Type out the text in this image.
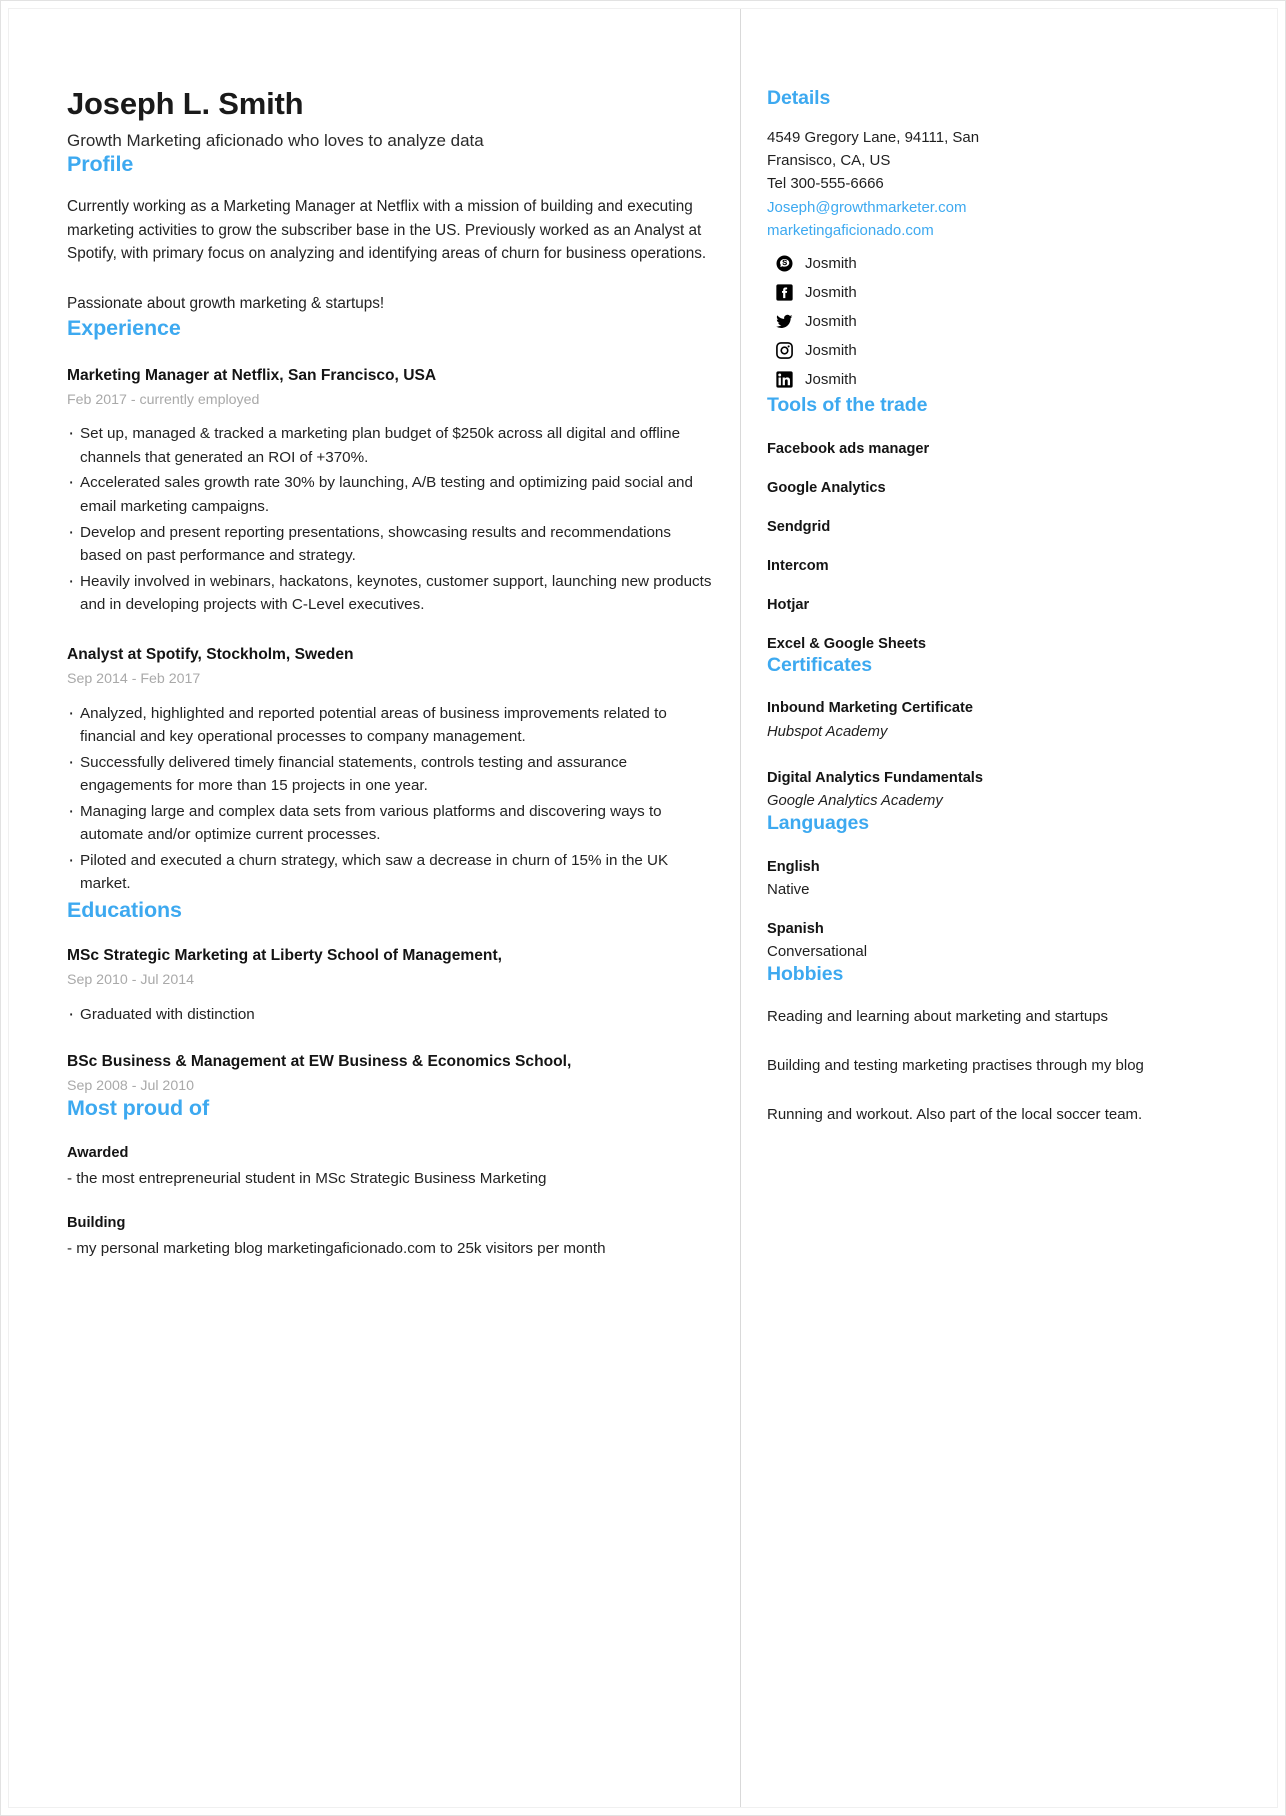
Joseph L. Smith

Growth Marketing aficionado who loves to analyze data

Profile

Currently working as a Marketing Manager at Netflix with a mission of building and executing marketing activities to grow the subscriber base in the US. Previously worked as an Analyst at Spotify, with primary focus on analyzing and identifying areas of churn for business operations.

Passionate about growth marketing & startups!

Experience

Marketing Manager at Netflix, San Francisco, USA

Feb 2017 - currently employed

· Set up, managed & tracked a marketing plan budget of $250k across all digital and offline channels that generated an ROI of +370%.
· Accelerated sales growth rate 30% by launching, A/B testing and optimizing paid social and email marketing campaigns.
· Develop and present reporting presentations, showcasing results and recommendations based on past performance and strategy.
· Heavily involved in webinars, hackatons, keynotes, customer support, launching new products and in developing projects with C-Level executives.

Analyst at Spotify, Stockholm, Sweden

Sep 2014 - Feb 2017

· Analyzed, highlighted and reported potential areas of business improvements related to financial and key operational processes to company management.
· Successfully delivered timely financial statements, controls testing and assurance engagements for more than 15 projects in one year.
· Managing large and complex data sets from various platforms and discovering ways to automate and/or optimize current processes.
· Piloted and executed a churn strategy, which saw a decrease in churn of 15% in the UK market.
Educations

MSc Strategic Marketing at Liberty School of Management,

Sep 2010 - Jul 2014

· Graduated with distinction

BSc Business & Management at EW Business & Economics School,

Sep 2008 - Jul 2010

Most proud of

Awarded

- the most entrepreneurial student in MSc Strategic Business Marketing

Building

- my personal marketing blog marketingaficionado.com to 25k visitors per month

Details

4549 Gregory Lane, 94111, San

Fransisco, CA, US

Tel 300-555-6666

Joseph@growthmarketer.com
marketingaficionado.com
Josmith
Josmith
Josmith
Josmith
Josmith
Tools of the trade
Facebook ads manager
Google Analytics
Sendgrid
Intercom
Hotjar
Excel & Google Sheets
Certificates

Inbound Marketing Certificate

Hubspot Academy

Digital Analytics Fundamentals

Google Analytics Academy

Languages

English

Native

Spanish

Conversational

Hobbies
Reading and learning about marketing and startups
Building and testing marketing practises through my blog
Running and workout. Also part of the local soccer team.
